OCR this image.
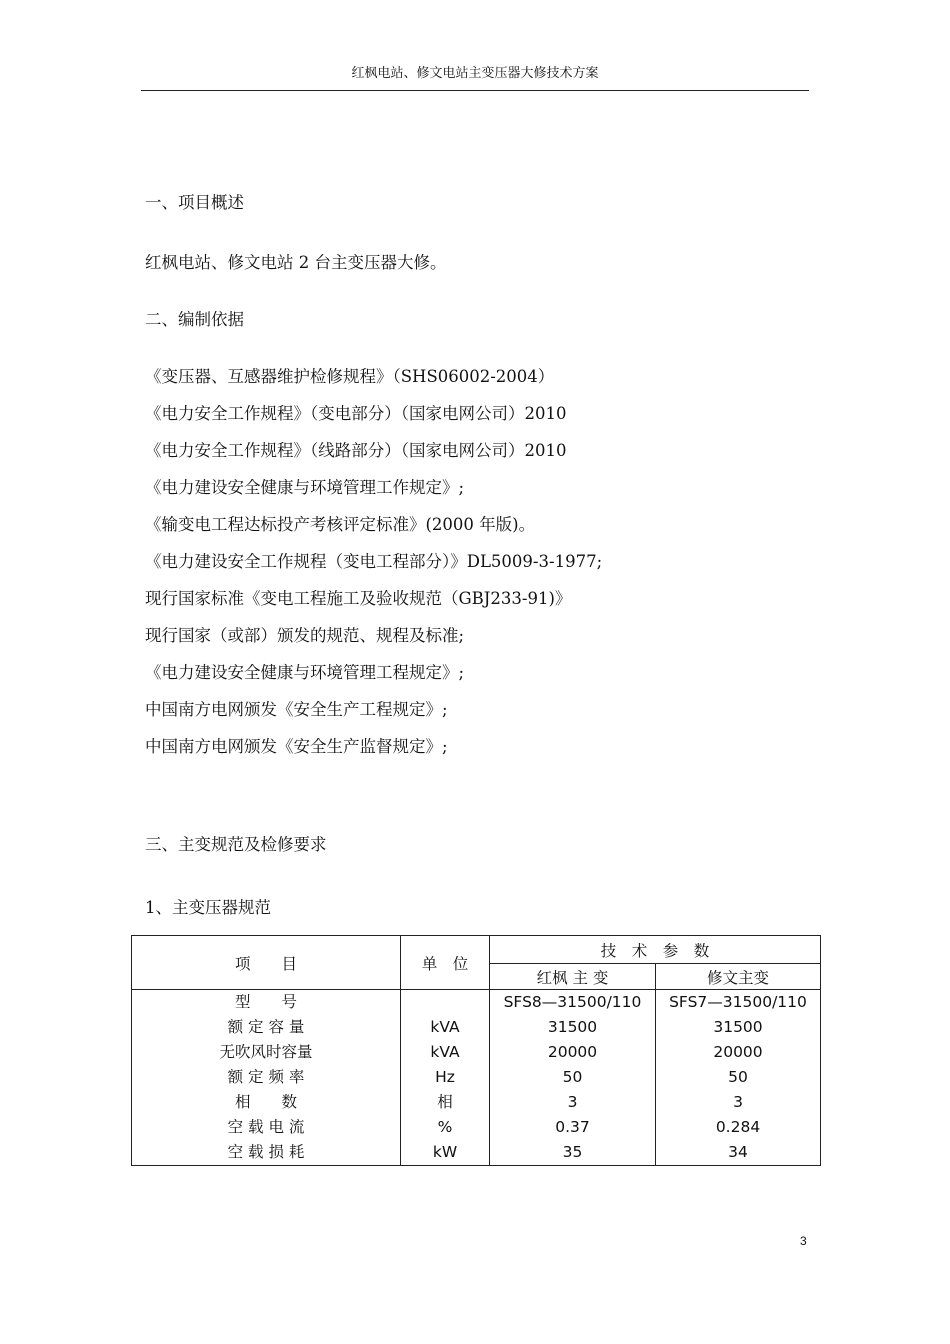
红枫电站、修文电站主变压器大修技术方案
一、项目概述
红枫电站、修文电站 2 台主变压器大修。
二、编制依据
《变压器、互感器维护检修规程》（SHS06002-2004）
《电力安全工作规程》（变电部分）（国家电网公司）2010
《电力安全工作规程》（线路部分）（国家电网公司）2010
《电力建设安全健康与环境管理工作规定》;
《输变电工程达标投产考核评定标准》(2000 年版)。
《电力建设安全工作规程（变电工程部分）》DL5009-3-1977;
现行国家标准《变电工程施工及验收规范（GBJ233-91)》
现行国家（或部）颁发的规范、规程及标准;
《电力建设安全健康与环境管理工程规定》;
中国南方电网颁发《安全生产工程规定》;
中国南方电网颁发《安全生产监督规定》;
三、主变规范及检修要求
1、主变压器规范
项　　目	单　位	技　术　参　数	
		红枫 主 变	修文主变
型　　号		SFS8—31500/110	SFS7—31500/110
额 定 容 量	kVA	31500	31500
无吹风时容量	kVA	20000	20000
额 定 频 率	Hz	50	50
相　　数	相	3	3
空 载 电 流	%	0.37	0.284
空 载 损 耗	kW	35	34
3
